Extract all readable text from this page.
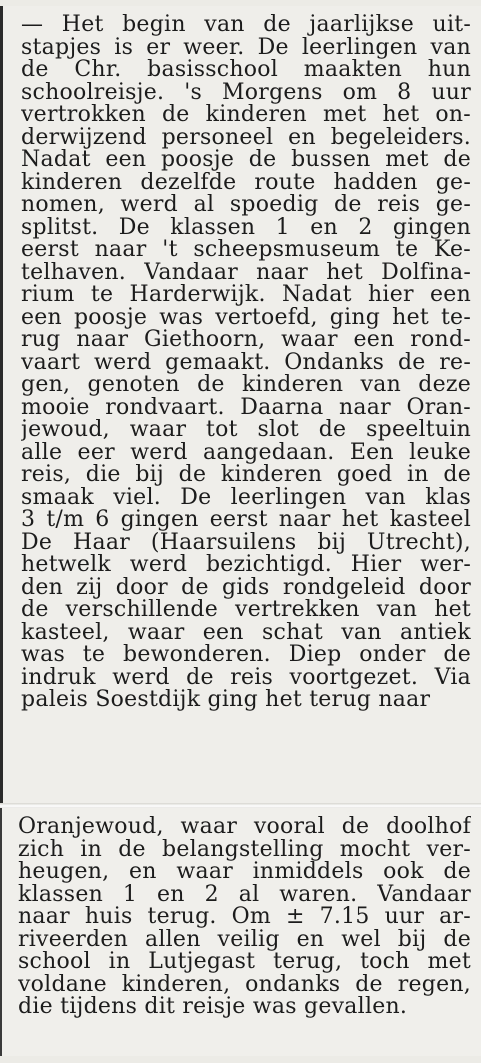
— Het begin van de jaarlijkse uit-
stapjes is er weer. De leerlingen van
de Chr. basisschool maakten hun
schoolreisje. 's Morgens om 8 uur
vertrokken de kinderen met het on-
derwijzend personeel en begeleiders.
Nadat een poosje de bussen met de
kinderen dezelfde route hadden ge-
nomen, werd al spoedig de reis ge-
splitst. De klassen 1 en 2 gingen
eerst naar 't scheepsmuseum te Ke-
telhaven. Vandaar naar het Dolfina-
rium te Harderwijk. Nadat hier een
een poosje was vertoefd, ging het te-
rug naar Giethoorn, waar een rond-
vaart werd gemaakt. Ondanks de re-
gen, genoten de kinderen van deze
mooie rondvaart. Daarna naar Oran-
jewoud, waar tot slot de speeltuin
alle eer werd aangedaan. Een leuke
reis, die bij de kinderen goed in de
smaak viel. De leerlingen van klas
3 t/m 6 gingen eerst naar het kasteel
De Haar (Haarsuilens bij Utrecht),
hetwelk werd bezichtigd. Hier wer-
den zij door de gids rondgeleid door
de verschillende vertrekken van het
kasteel, waar een schat van antiek
was te bewonderen. Diep onder de
indruk werd de reis voortgezet. Via
paleis Soestdijk ging het terug naar
Oranjewoud, waar vooral de doolhof
zich in de belangstelling mocht ver-
heugen, en waar inmiddels ook de
klassen 1 en 2 al waren. Vandaar
naar huis terug. Om ± 7.15 uur ar-
riveerden allen veilig en wel bij de
school in Lutjegast terug, toch met
voldane kinderen, ondanks de regen,
die tijdens dit reisje was gevallen.
